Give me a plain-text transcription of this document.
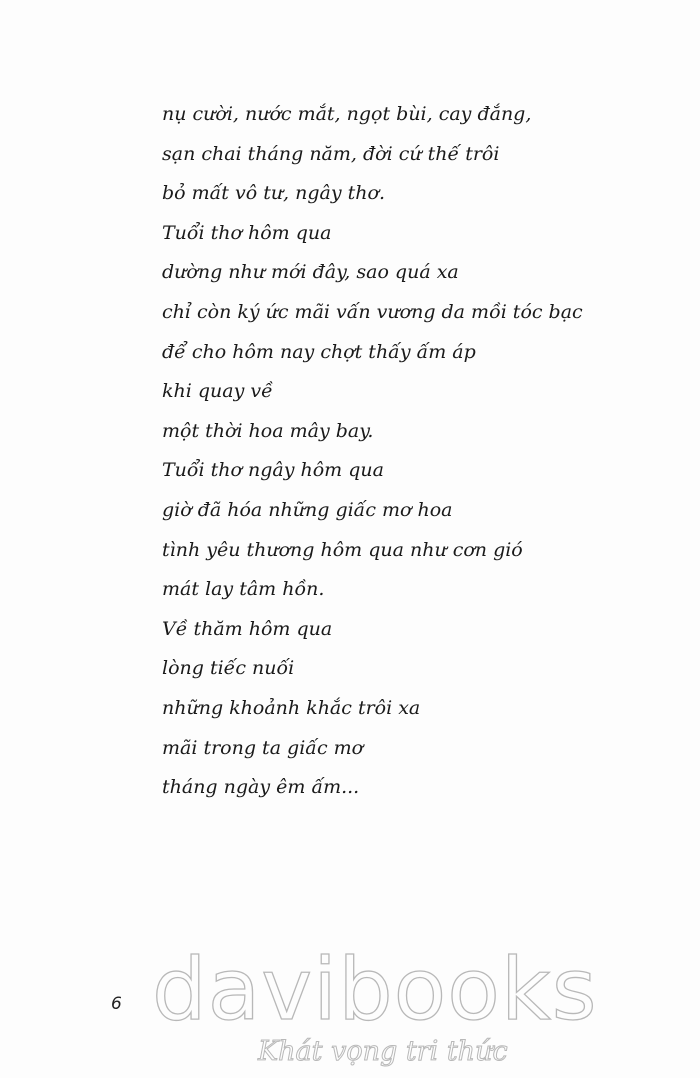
nụ cười, nước mắt, ngọt bùi, cay đắng,
sạn chai tháng năm, đời cứ thế trôi
bỏ mất vô tư, ngây thơ.
Tuổi thơ hôm qua
dường như mới đây, sao quá xa
chỉ còn ký ức mãi vấn vương da mồi tóc bạc
để cho hôm nay chợt thấy ấm áp
khi quay về
một thời hoa mây bay.
Tuổi thơ ngây hôm qua
giờ đã hóa những giấc mơ hoa
tình yêu thương hôm qua như cơn gió
mát lay tâm hồn.
Về thăm hôm qua
lòng tiếc nuối
những khoảnh khắc trôi xa
mãi trong ta giấc mơ
tháng ngày êm ấm...
6 davibooks
Khát vọng tri thức
